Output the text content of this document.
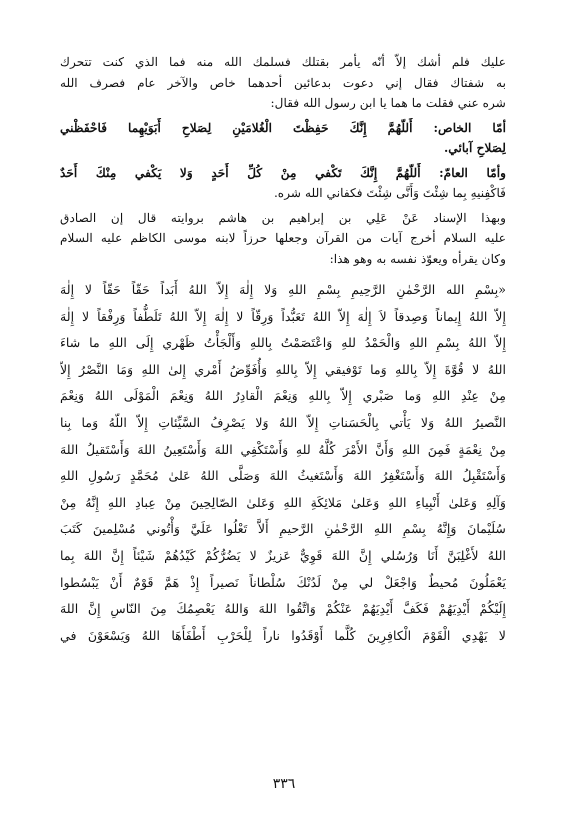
عليك فلم أشك إلاّ أنّه يأمر بقتلك فسلمك الله منه فما الذي كنت تتحرك
به شفتاك فقال إني دعوت بدعائين أحدهما خاص والآخر عام فصرف الله
شره عني فقلت ما هما يا ابن رسول الله فقال:
أمّا الخاص: أَللّهُمَّ إِنَّكَ حَفِظْتَ الْغُلامَيْنِ لِصَلاحِ أَبَوَيْهِما فَاحْفَظْني
لِصَلاحِ آبائي.
وأمّا العامّ: أَللّهُمَّ إِنَّكَ تَكْفي مِنْ كُلِّ أَحَدٍ وَلا يَكْفي مِنْكَ أَحَدٌ
فَاكْفِنيهِ بِما شِئْتَ وَأَنَّى شِئْتَ فكفاني الله شره.
وبهذا الإسناد عَنْ عَلِي بن إبراهيم بن هاشم بروايته قال إن الصادق
عليه السلام أخرج آيات من القرآن وجعلها حرزاً لابنه موسى الكاظم عليه السلام
وكان يقرأه ويعوّذ نفسه به وهو هذا:
«بِسْمِ الله الرَّحْمٰنِ الرَّحِيمِ بِسْمِ اللهِ وَلا إِلٰهَ إِلاّ اللهُ أَبَداً حَقّاً حَقّاً لا إِلٰهَ
إِلاّ اللهُ إِيماناً وَصِدقاً لاَ إِلٰهَ إِلاّ اللهُ تَعَبُّداً وَرِقّاً لا إِلٰهَ إِلاّ اللهُ تَلَطُّفاً وَرِفْقاً لا إِلٰهَ
إِلاّ اللهُ بِسْمِ اللهِ وَالْحَمْدُ للهِ وَاعْتَصَمْتُ بِاللهِ وَأَلْجَأْتُ ظَهْري إِلَى اللهِ ما شاءَ
اللهُ لا قُوَّةَ إِلاّ بِاللهِ وَما تَوْفيقي إِلاّ بِاللهِ وَأُفَوِّضُ أَمْري إِلىٰ اللهِ وَمَا النَّصْرُ إِلاّ
مِنْ عِنْدِ اللهِ وَما صَبْري إِلاّ بِاللهِ وَنِعْمَ الْقادِرُ اللهُ وَنِعْمَ الْمَوْلَى اللهُ وَنِعْمَ
النَّصيرُ اللهُ وَلا يَأْتي بِالْحَسَناتِ إِلاّ اللهُ وَلا يَصْرِفُ السَّيِّئاتِ إِلاّ اللّهُ وَما بِنا
مِنْ نِعْمَةٍ فَمِنَ اللهِ وَأَنَّ الأَمْرَ كُلَّهُ للهِ وَأَسْتَكْفِي اللهَ وَأَسْتَعِينُ اللهَ وَأَسْتَقيلُ اللهَ
وَأَسْتَقْبِلُ اللهَ وَأَسْتَغْفِرُ اللهَ وَأَسْتَغيثُ اللهَ وَصَلَّى اللهُ عَلىٰ مُحَمَّدٍ رَسُولِ اللهِ
وَآلِهِ وَعَلىٰ أَنْبِياءِ اللهِ وَعَلىٰ مَلائِكَةِ اللهِ وَعَلىٰ الصّالِحِينَ مِنْ عِبادِ اللهِ إِنَّهُ مِنْ
سُلَيْمانَ وَإِنَّهُ بِسْمِ اللهِ الرَّحْمٰنِ الرَّحيمِ أَلاَّ تَعْلُوا عَلَيَّ وَأْتُوني مُسْلِمينَ كَتَبَ
اللهُ لأَغْلِبَنَّ أَنَا وَرُسُلي إِنَّ اللهَ قَوِيٌّ عَزيزٌ لا يَضُرُّكُمْ كَيْدُهُمْ شَيْئاً إِنَّ اللهَ بِما
يَعْمَلُونَ مُحيطٌ وَاجْعَلْ لي مِنْ لَدُنْكَ سُلْطاناً نَصيراً إِذْ هَمَّ قَوْمٌ أَنْ يَبْسُطوا
إِلَيْكُمْ أَيْدِيَهُمْ فَكَفَّ أَيْدِيَهُمْ عَنْكُمْ وَاتَّقُوا اللهَ وَاللهُ يَعْصِمُكَ مِنَ النّاسِ إِنَّ اللهَ
لا يَهْدِي الْقَوْمَ الْكافِرِينَ كُلَّما أَوْقَدُوا ناراً لِلْحَرْبِ أَطْفَأَهَا اللهُ وَيَسْعَوْنَ في
٣٣٦
